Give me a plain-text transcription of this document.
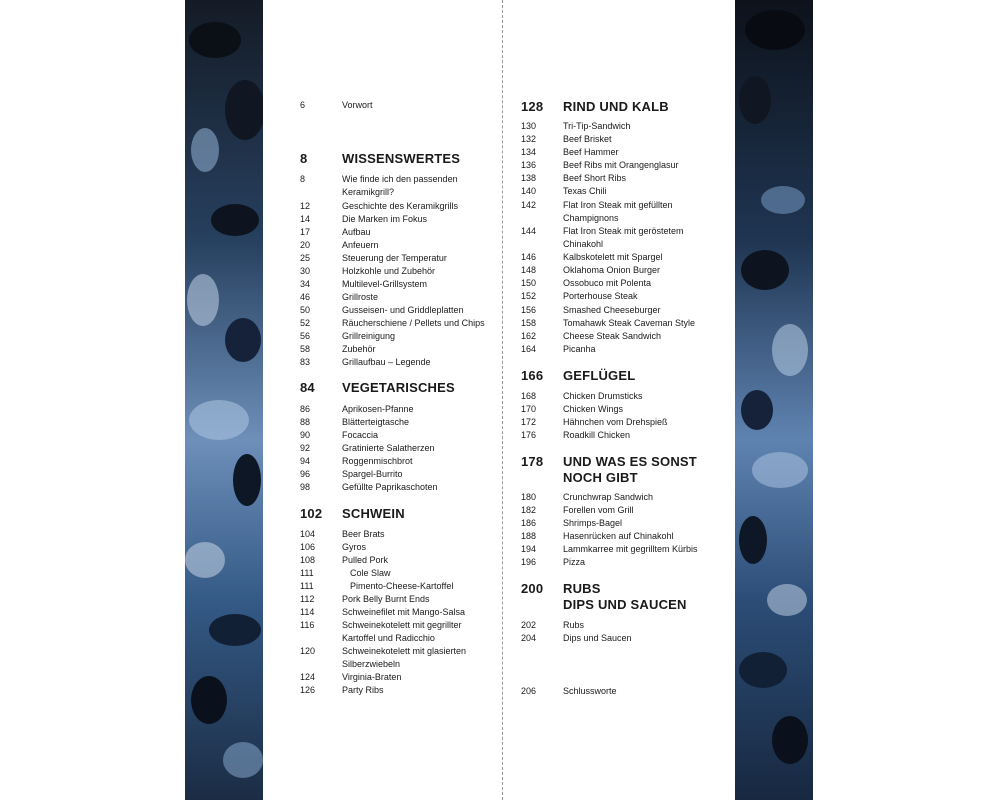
6	Vorwort
8	WISSENSWERTES
8	Wie finde ich den passenden
Keramikgrill?
12	Geschichte des Keramikgrills
14	Die Marken im Fokus
17	Aufbau
20	Anfeuern
25	Steuerung der Temperatur
30	Holzkohle und Zubehör
34	Multilevel-Grillsystem
46	Grillroste
50	Gusseisen- und Griddleplatten
52	Räucherschiene / Pellets und Chips
56	Grillreinigung
58	Zubehör
83	Grillaufbau – Legende
84 VEGETARISCHES
86	Aprikosen-Pfanne
88	Blätterteigtasche
90	Focaccia
92	Gratinierte Salatherzen
94	Roggenmischbrot
96	Spargel-Burrito
98	Gefüllte Paprikaschoten
102 SCHWEIN
104	Beer Brats
106	Gyros
108	Pulled Pork
111	Cole Slaw
111	Pimento-Cheese-Kartoffel
112	Pork Belly Burnt Ends
114	Schweinefilet mit Mango-Salsa
116	Schweinekotelett mit gegrillter
Kartoffel und Radicchio
120	Schweinekotelett mit glasierten
Silberzwiebeln
124	Virginia-Braten
126	Party Ribs
128 RIND UND KALB
130	Tri-Tip-Sandwich
132	Beef Brisket
134	Beef Hammer
136	Beef Ribs mit Orangenglasur
138	Beef Short Ribs
140	Texas Chili
142	Flat Iron Steak mit gefüllten
Champignons
144	Flat Iron Steak mit geröstetem
Chinakohl
146	Kalbskotelett mit Spargel
148	Oklahoma Onion Burger
150	Ossobuco mit Polenta
152	Porterhouse Steak
156	Smashed Cheeseburger
158	Tomahawk Steak Caveman Style
162	Cheese Steak Sandwich
164	Picanha
166 GEFLÜGEL
168	Chicken Drumsticks
170	Chicken Wings
172	Hähnchen vom Drehspieß
176	Roadkill Chicken
178 UND WAS ES SONST
NOCH GIBT
180	Crunchwrap Sandwich
182	Forellen vom Grill
186	Shrimps-Bagel
188	Hasenrücken auf Chinakohl
194	Lammkarree mit gegrilltem Kürbis
196	Pizza
200 RUBS
DIPS UND SAUCEN
202	Rubs
204	Dips und Saucen
206	Schlussworte
